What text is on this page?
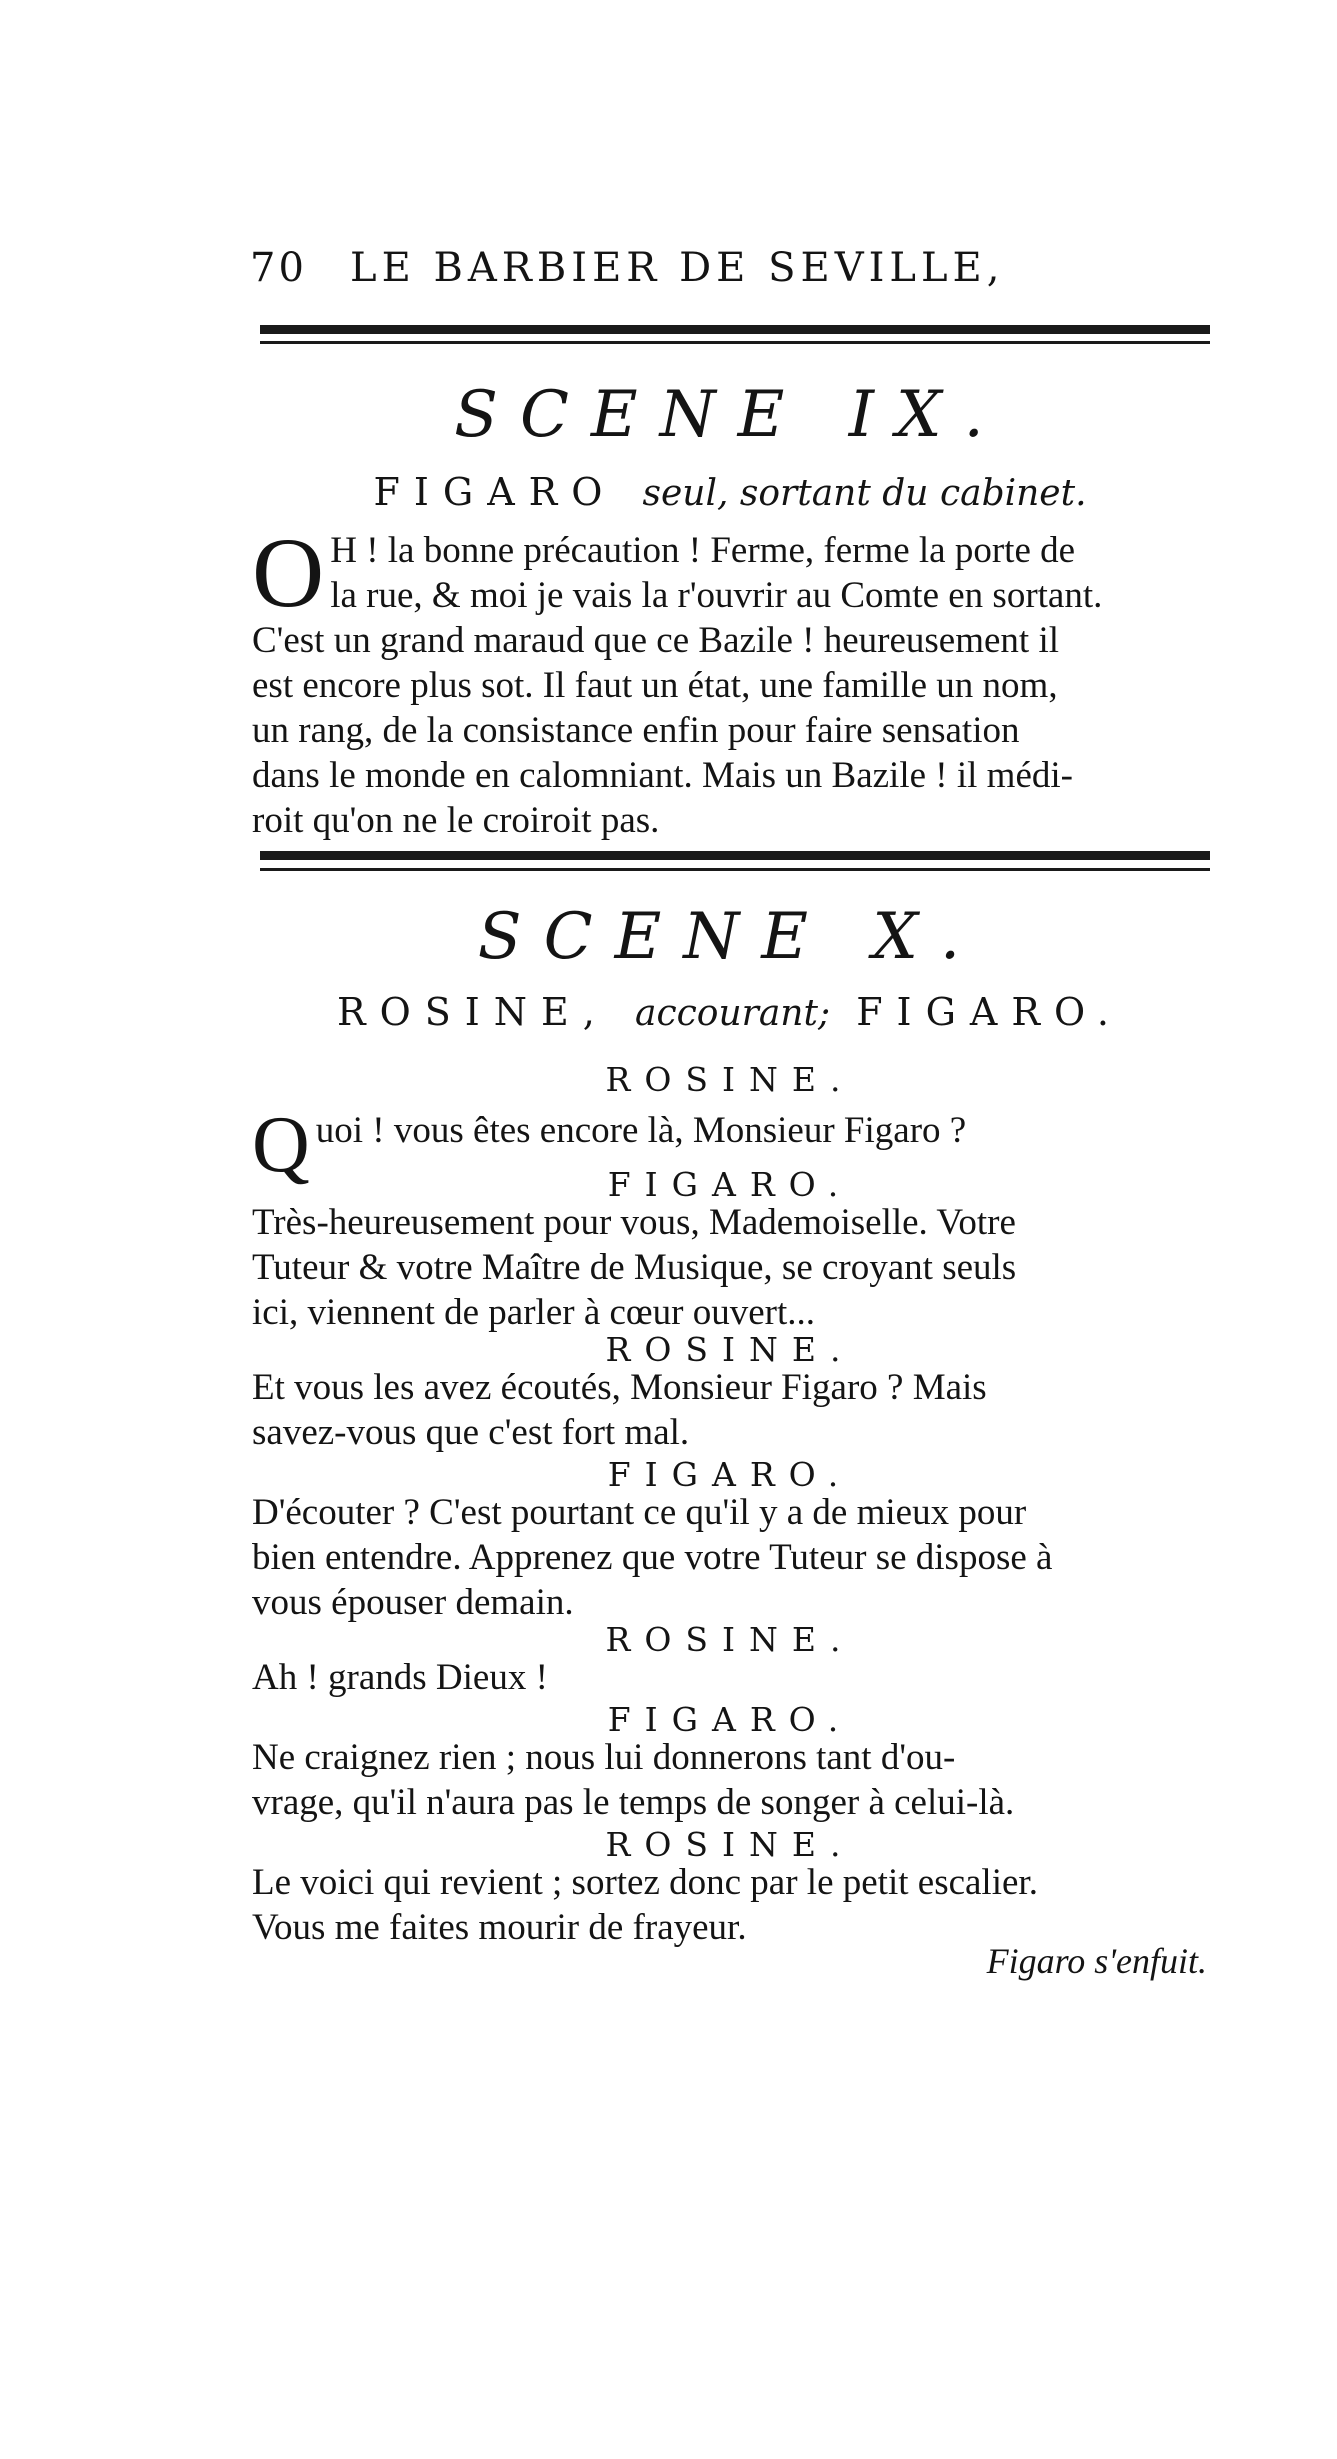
70 LE BARBIER DE SEVILLE,
SCENE IX.
FIGARO seul, sortant du cabinet.
O H ! la bonne précaution ! Ferme, ferme la porte de
la rue, & moi je vais la r'ouvrir au Comte en sortant.
C'est un grand maraud que ce Bazile ! heureusement il
est encore plus sot. Il faut un état, une famille un nom,
un rang, de la consistance enfin pour faire sensation
dans le monde en calomniant. Mais un Bazile ! il médi-
roit qu'on ne le croiroit pas.
SCENE X.
ROSINE, accourant; FIGARO.
ROSINE.
Q uoi ! vous êtes encore là, Monsieur Figaro ?
FIGARO.
Très-heureusement pour vous, Mademoiselle. Votre
Tuteur & votre Maître de Musique, se croyant seuls
ici, viennent de parler à cœur ouvert...
ROSINE.
Et vous les avez écoutés, Monsieur Figaro ? Mais
savez-vous que c'est fort mal.
FIGARO.
D'écouter ? C'est pourtant ce qu'il y a de mieux pour
bien entendre. Apprenez que votre Tuteur se dispose à
vous épouser demain.
ROSINE.
Ah ! grands Dieux !
FIGARO.
Ne craignez rien ; nous lui donnerons tant d'ou-
vrage, qu'il n'aura pas le temps de songer à celui-là.
ROSINE.
Le voici qui revient ; sortez donc par le petit escalier.
Vous me faites mourir de frayeur.
Figaro s'enfuit.
